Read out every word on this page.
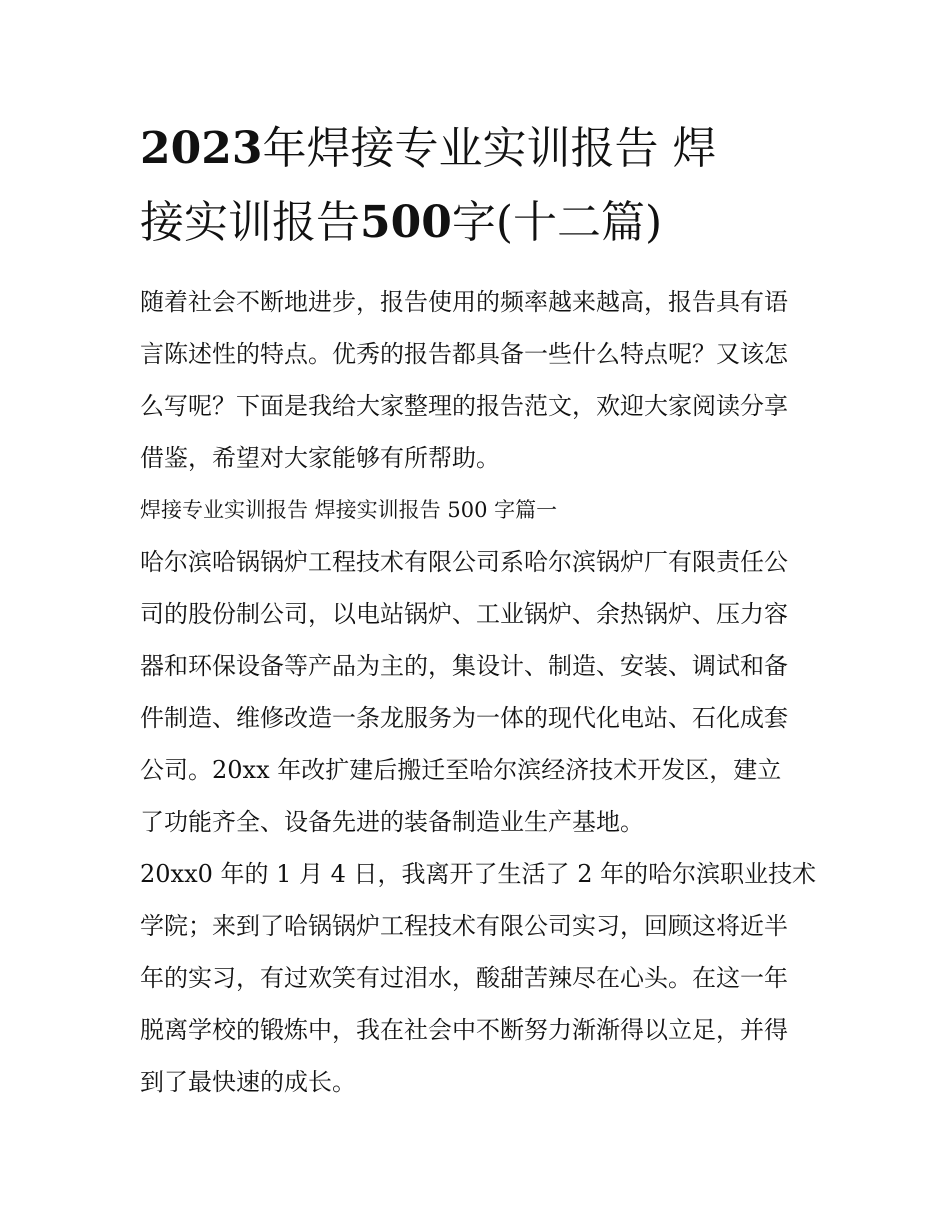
2023年焊接专业实训报告 焊
接实训报告500字(十二篇)

随着社会不断地进步，报告使用的频率越来越高，报告具有语
言陈述性的特点。优秀的报告都具备一些什么特点呢？又该怎
么写呢？下面是我给大家整理的报告范文，欢迎大家阅读分享
借鉴，希望对大家能够有所帮助。

焊接专业实训报告 焊接实训报告 500 字篇一

哈尔滨哈锅锅炉工程技术有限公司系哈尔滨锅炉厂有限责任公
司的股份制公司，以电站锅炉、工业锅炉、余热锅炉、压力容
器和环保设备等产品为主的，集设计、制造、安装、调试和备
件制造、维修改造一条龙服务为一体的现代化电站、石化成套
公司。20xx 年改扩建后搬迁至哈尔滨经济技术开发区，建立
了功能齐全、设备先进的装备制造业生产基地。

20xx0 年的 1 月 4 日，我离开了生活了 2 年的哈尔滨职业技术
学院；来到了哈锅锅炉工程技术有限公司实习，回顾这将近半
年的实习，有过欢笑有过泪水，酸甜苦辣尽在心头。在这一年
脱离学校的锻炼中，我在社会中不断努力渐渐得以立足，并得
到了最快速的成长。
